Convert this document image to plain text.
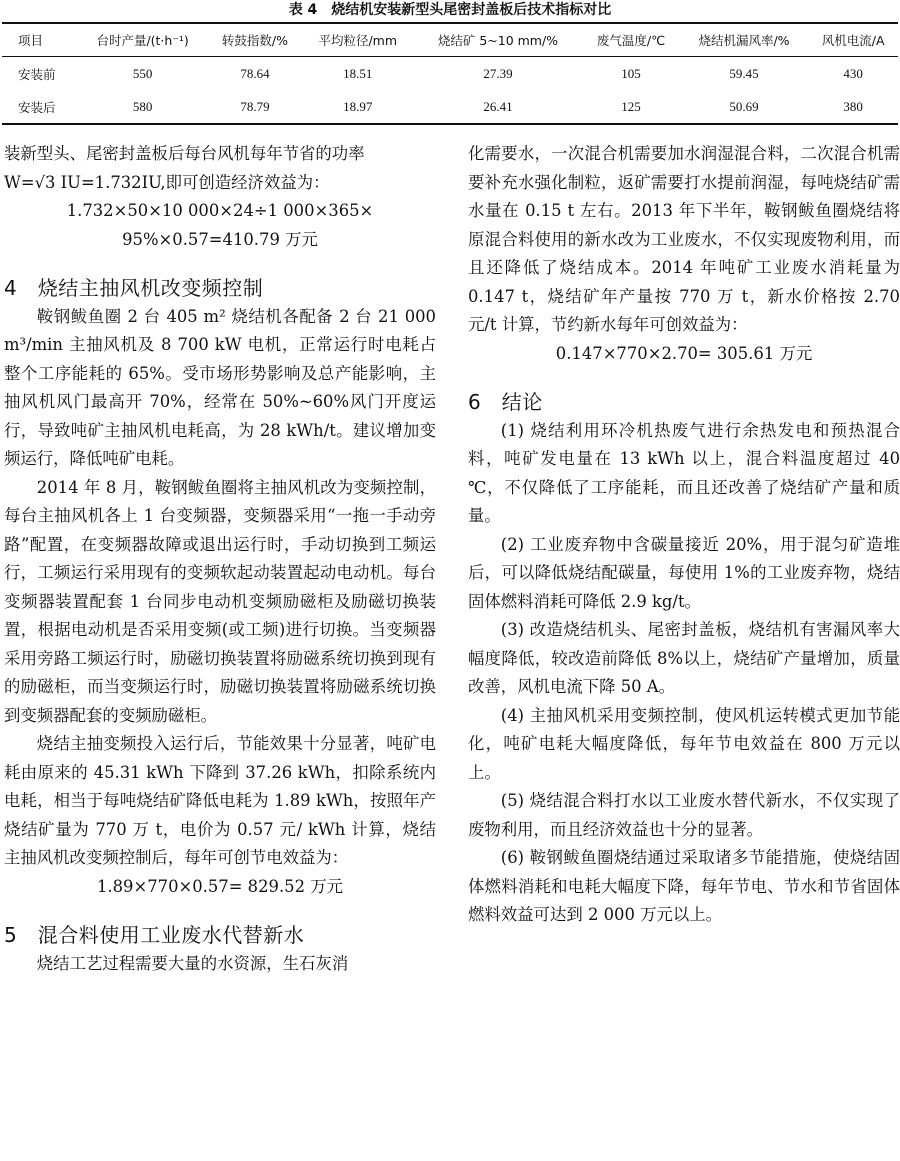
表 4　烧结机安装新型头尾密封盖板后技术指标对比
项目	台时产量/(t·h⁻¹)	转鼓指数/%	平均粒径/mm	烧结矿 5~10 mm/%	废气温度/℃	烧结机漏风率/%	风机电流/A
安装前	550	78.64	18.51	27.39	105	59.45	430
安装后	580	78.79	18.97	26.41	125	50.69	380

装新型头、尾密封盖板后每台风机每年节省的功率

W=√3 IU=1.732IU,即可创造经济效益为：

1.732×50×10 000×24÷1 000×365×

95%×0.57=410.79 万元

4　烧结主抽风机改变频控制

鞍钢鲅鱼圈 2 台 405 m² 烧结机各配备 2 台 21 000 m³/min 主抽风机及 8 700 kW 电机，正常运行时电耗占整个工序能耗的 65%。受市场形势影响及总产能影响，主抽风机风门最高开 70%，经常在 50%~60%风门开度运行，导致吨矿主抽风机电耗高，为 28 kWh/t。建议增加变频运行，降低吨矿电耗。

2014 年 8 月，鞍钢鲅鱼圈将主抽风机改为变频控制，每台主抽风机各上 1 台变频器，变频器采用“一拖一手动旁路”配置，在变频器故障或退出运行时，手动切换到工频运行，工频运行采用现有的变频软起动装置起动电动机。每台变频器装置配套 1 台同步电动机变频励磁柜及励磁切换装置，根据电动机是否采用变频(或工频)进行切换。当变频器采用旁路工频运行时，励磁切换装置将励磁系统切换到现有的励磁柜，而当变频运行时，励磁切换装置将励磁系统切换到变频器配套的变频励磁柜。

烧结主抽变频投入运行后，节能效果十分显著，吨矿电耗由原来的 45.31 kWh 下降到 37.26 kWh，扣除系统内电耗，相当于每吨烧结矿降低电耗为 1.89 kWh，按照年产烧结矿量为 770 万 t，电价为 0.57 元/ kWh 计算，烧结主抽风机改变频控制后，每年可创节电效益为：

1.89×770×0.57= 829.52 万元

5　混合料使用工业废水代替新水

烧结工艺过程需要大量的水资源，生石灰消

化需要水，一次混合机需要加水润湿混合料，二次混合机需要补充水强化制粒，返矿需要打水提前润湿，每吨烧结矿需水量在 0.15 t 左右。2013 年下半年，鞍钢鲅鱼圈烧结将原混合料使用的新水改为工业废水，不仅实现废物利用，而且还降低了烧结成本。2014 年吨矿工业废水消耗量为 0.147 t，烧结矿年产量按 770 万 t，新水价格按 2.70 元/t 计算，节约新水每年可创效益为：

0.147×770×2.70= 305.61 万元

6　结论

(1) 烧结利用环冷机热废气进行余热发电和预热混合料，吨矿发电量在 13 kWh 以上，混合料温度超过 40 ℃，不仅降低了工序能耗，而且还改善了烧结矿产量和质量。

(2) 工业废弃物中含碳量接近 20%，用于混匀矿造堆后，可以降低烧结配碳量，每使用 1%的工业废弃物，烧结固体燃料消耗可降低 2.9 kg/t。

(3) 改造烧结机头、尾密封盖板，烧结机有害漏风率大幅度降低，较改造前降低 8%以上，烧结矿产量增加，质量改善，风机电流下降 50 A。

(4) 主抽风机采用变频控制，使风机运转模式更加节能化，吨矿电耗大幅度降低，每年节电效益在 800 万元以上。

(5) 烧结混合料打水以工业废水替代新水，不仅实现了废物利用，而且经济效益也十分的显著。

(6) 鞍钢鲅鱼圈烧结通过采取诸多节能措施，使烧结固体燃料消耗和电耗大幅度下降，每年节电、节水和节省固体燃料效益可达到 2 000 万元以上。
